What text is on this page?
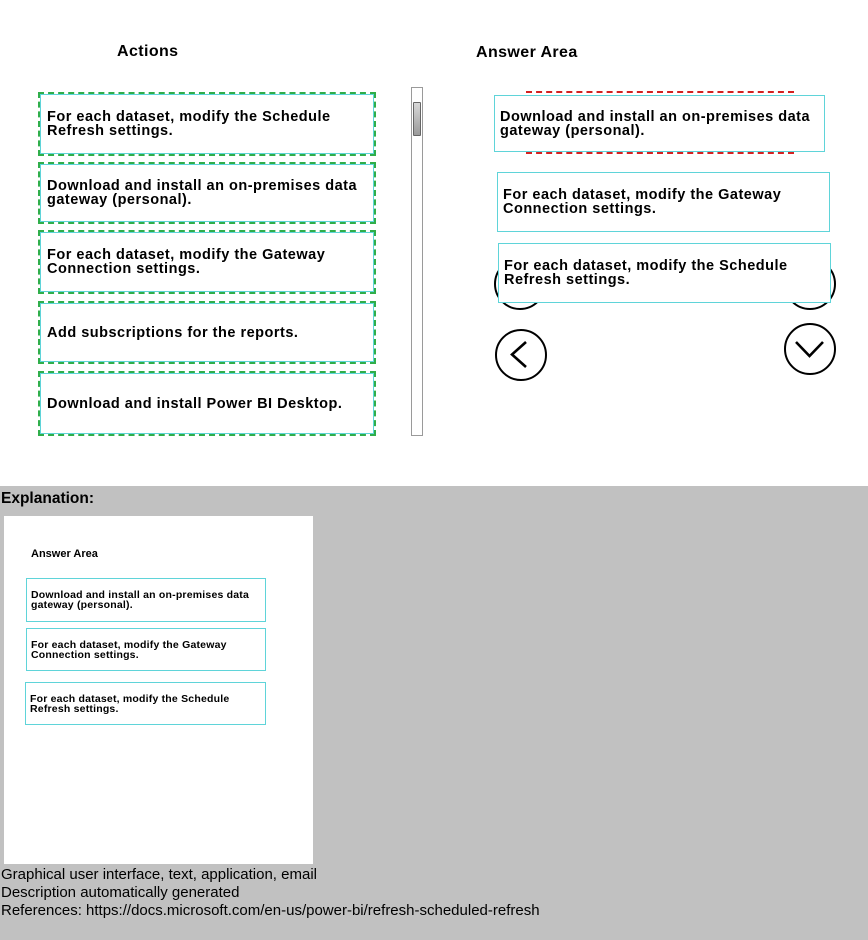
Actions
For each dataset, modify the Schedule Refresh settings.
Download and install an on-premises data gateway (personal).
For each dataset, modify the Gateway Connection settings.
Add subscriptions for the reports.
Download and install Power BI Desktop.
Answer Area
Download and install an on-premises data gateway (personal).
For each dataset, modify the Gateway Connection settings.
For each dataset, modify the Schedule Refresh settings.
Explanation:
Answer Area
Download and install an on-premises data gateway (personal).
For each dataset, modify the Gateway Connection settings.
For each dataset, modify the Schedule Refresh settings.
Graphical user interface, text, application, email
Description automatically generated
References: https://docs.microsoft.com/en-us/power-bi/refresh-scheduled-refresh
